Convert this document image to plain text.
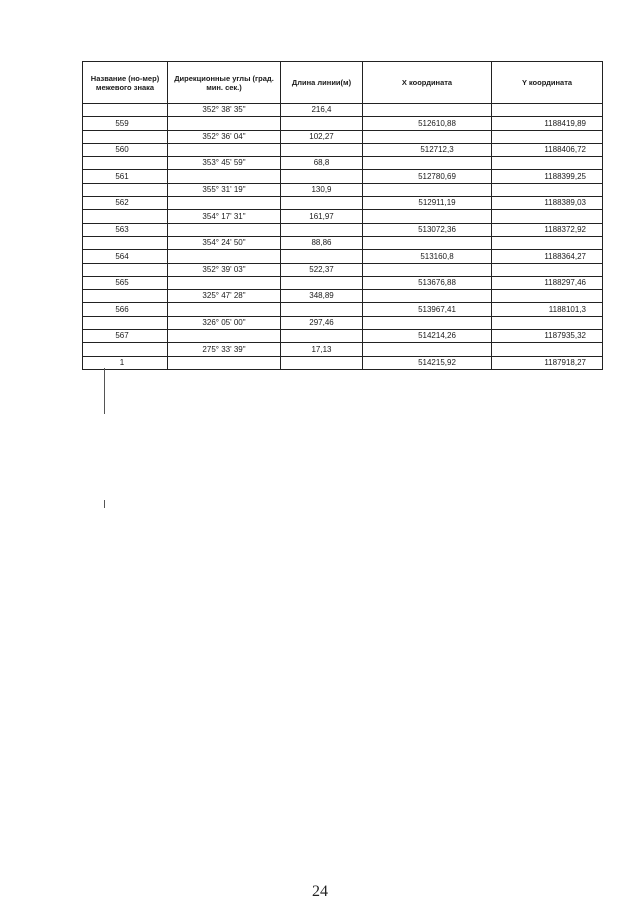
Название (но-мер) межевого знака	Дирекционные углы (град. мин. сек.)	Длина линии(м)	X координата	Y координата

	352° 38' 35"	216,4		

559			512610,88	1188419,89

	352° 36' 04"	102,27		

560			512712,3	1188406,72

	353° 45' 59"	68,8		

561			512780,69	1188399,25

	355° 31' 19"	130,9		

562			512911,19	1188389,03

	354° 17' 31"	161,97		

563			513072,36	1188372,92

	354° 24' 50"	88,86		

564			513160,8	1188364,27

	352° 39' 03"	522,37		

565			513676,88	1188297,46

	325° 47' 28"	348,89		

566			513967,41	1188101,3

	326° 05' 00"	297,46		

567			514214,26	1187935,32

	275° 33' 39"	17,13		

1			514215,92	1187918,27
24
